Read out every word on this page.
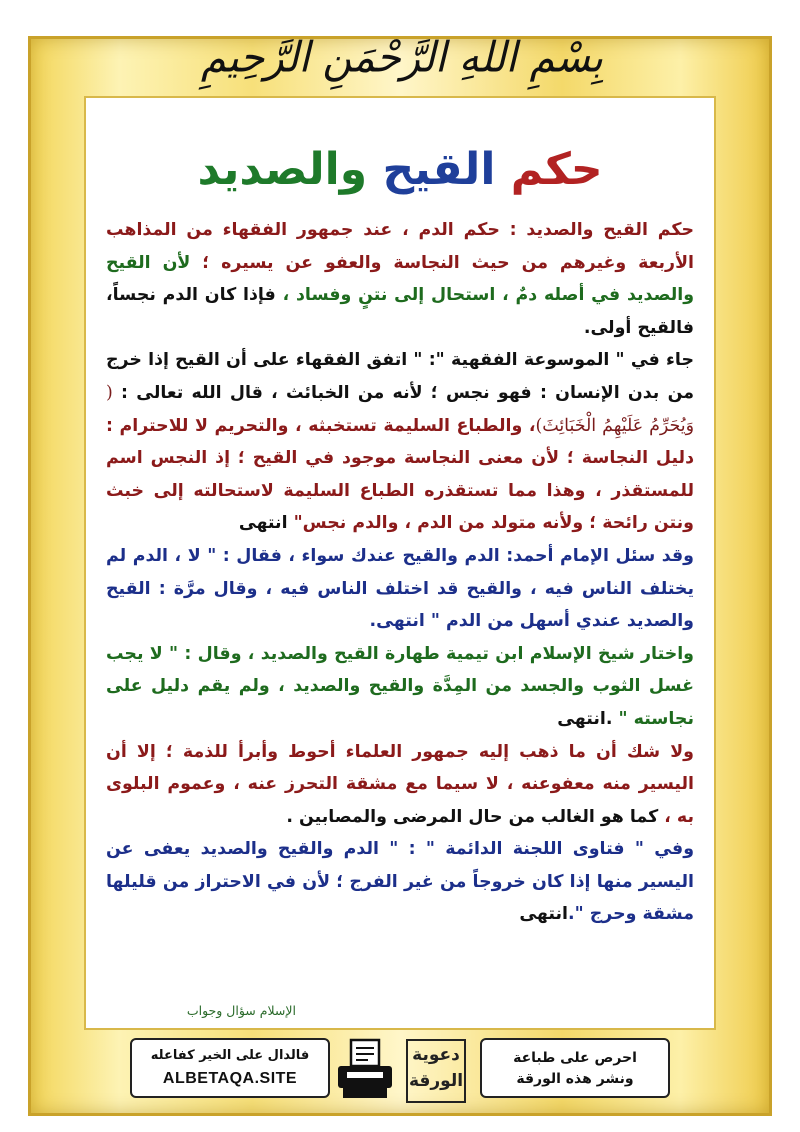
بِسْمِ اللهِ الرَّحْمَنِ الرَّحِيمِ
حكم القيح والصديد

حكم القيح والصديد : حكم الدم ، عند جمهور الفقهاء من المذاهب الأربعة وغيرهم من حيث النجاسة والعفو عن يسيره ؛ لأن القيح والصديد في أصله دمٌ ، استحال إلى نتنٍ وفساد ، فإذا كان الدم نجساً، فالقيح أولى.

جاء في " الموسوعة الفقهية ": " اتفق الفقهاء على أن القيح إذا خرج من بدن الإنسان : فهو نجس ؛ لأنه من الخبائث ، قال الله تعالى : ( وَيُحَرِّمُ عَلَيْهِمُ الْخَبَائِثَ)، والطباع السليمة تستخبثه ، والتحريم لا للاحترام : دليل النجاسة ؛ لأن معنى النجاسة موجود في القيح ؛ إذ النجس اسم للمستقذر ، وهذا مما تستقذره الطباع السليمة لاستحالته إلى خبث ونتن رائحة ؛ ولأنه متولد من الدم ، والدم نجس" انتهى

وقد سئل الإمام أحمد: الدم والقيح عندك سواء ، فقال : " لا ، الدم لم يختلف الناس فيه ، والقيح قد اختلف الناس فيه ، وقال مرَّة : القيح والصديد عندي أسهل من الدم " انتهى.

واختار شيخ الإسلام ابن تيمية طهارة القيح والصديد ، وقال : " لا يجب غسل الثوب والجسد من المِدَّة والقيح والصديد ، ولم يقم دليل على نجاسته " .انتهى

ولا شك أن ما ذهب إليه جمهور العلماء أحوط وأبرأ للذمة ؛ إلا أن اليسير منه معفوعنه ، لا سيما مع مشقة التحرز عنه ، وعموم البلوى به ، كما هو الغالب من حال المرضى والمصابين .

وفي " فتاوى اللجنة الدائمة " : " الدم والقيح والصديد يعفى عن اليسير منها إذا كان خروجاً من غير الفرج ؛ لأن في الاحتراز من قليلها مشقة وحرج ".انتهى

الإسلام سؤال وجواب
فالدال على الخير كفاعله
ALBETAQA.SITE
دعوية
الورقة
احرص على طباعة
ونشر هذه الورقة
